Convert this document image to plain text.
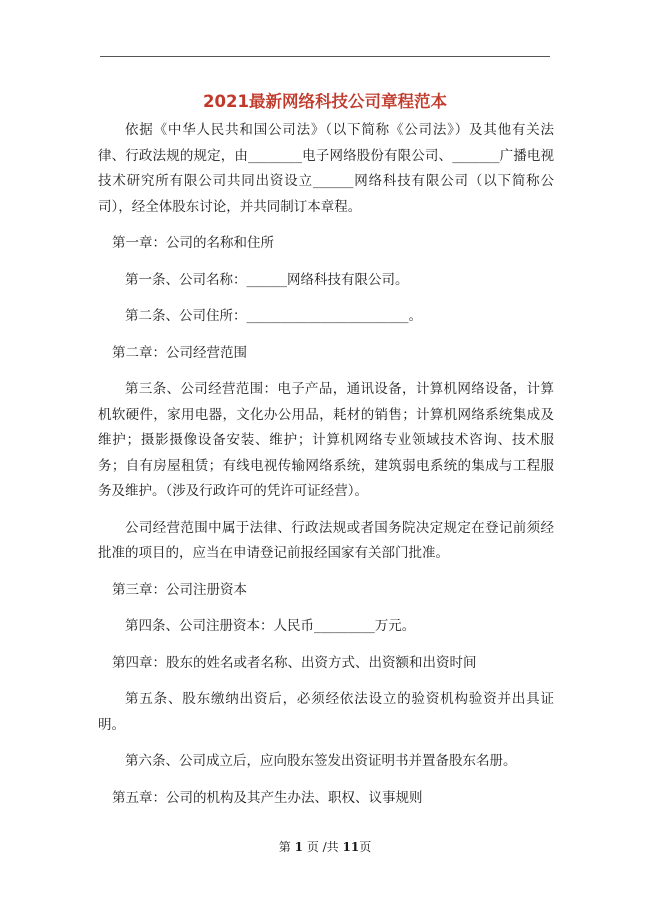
2021最新网络科技公司章程范本

依据《中华人民共和国公司法》（以下简称《公司法》）及其他有关法律、行政法规的规定，由________电子网络股份有限公司、_______广播电视技术研究所有限公司共同出资设立______网络科技有限公司（以下简称公司），经全体股东讨论，并共同制订本章程。

第一章：公司的名称和住所

第一条、公司名称：______网络科技有限公司。

第二条、公司住所：________________________。

第二章：公司经营范围

第三条、公司经营范围：电子产品，通讯设备，计算机网络设备，计算机软硬件，家用电器，文化办公用品，耗材的销售；计算机网络系统集成及维护；摄影摄像设备安装、维护；计算机网络专业领域技术咨询、技术服务；自有房屋租赁；有线电视传输网络系统，建筑弱电系统的集成与工程服务及维护。（涉及行政许可的凭许可证经营）。

公司经营范围中属于法律、行政法规或者国务院决定规定在登记前须经批准的项目的，应当在申请登记前报经国家有关部门批准。

第三章：公司注册资本

第四条、公司注册资本：人民币_________万元。

第四章：股东的姓名或者名称、出资方式、出资额和出资时间

第五条、股东缴纳出资后，必须经依法设立的验资机构验资并出具证明。

第六条、公司成立后，应向股东签发出资证明书并置备股东名册。

第五章：公司的机构及其产生办法、职权、议事规则

第 1 页 /共 11页
